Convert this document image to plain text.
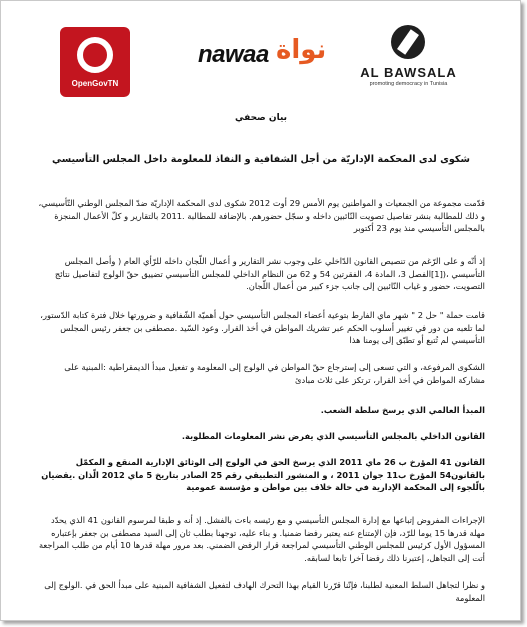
OpenGovTN
nawaa نواة
AL BAWSALA
promoting democracy in Tunisia
بيان صحفي
شكوى لدى المحكمة الإداريّة من أجل الشفافية و النفاذ للمعلومة داخل المجلس التأسيسي
قدّمت مجموعة من الجمعيات و المواطنين يوم الأمس 29 أوت 2012 شكوى لدى المحكمة الإداريّة ضدّ المجلس الوطني التّأسيسي، و ذلك للمطالبة بنشر تفاصيل تصويت النّائبين داخله و سجّل حضورهم. بالإضافة للمطالبة .2011 بالتقارير و كلّ الأعمال المنجزة بالمجلس التأسيسي منذ يوم 23 أكتوبر
إذ أنّه و على الرّغم من تنصيص القانون الدّاخلي على وجوب نشر التقارير و أعمال اللّجان داخله للرّأي العام ( وأصل المجلس التأسيسي ،([1]الفصل 3، المادة 4، الفقرتين 54 و 62 من النظام الداخلي للمجلس التأسيسي تضييق حقّ الولوج لتفاصيل نتائج التصويت، حضور و غياب النّائبين إلى جانب جزء كبير من أعمال اللّجان.
قامت حملة " حل 2 " شهر ماي الفارط بتوعية أعضاء المجلس التأسيسي حول أهميّة الشّفافية و ضرورتها خلال فترة كتابة الدّستور، لما تلعبه من دور في تغيير أسلوب الحكم عبر تشريك المواطن في أخذ القرار. وعود السّيد .مصطفى بن جعفر رئيس المجلس التأسيسي لم تُتبع أو تطبّق إلى يومنا هذا
الشكوى المرفوعة، و التي تسعى إلى إسترجاع حقّ المواطن في الولوج إلى المعلومة و تفعيل مبدأ الديمقراطية :المبنية على مشاركة المواطن في أخذ القرار، ترتكز على ثلاث مبادئ
المبدأ العالمي الذي يرسخ سلطة الشعب.
القانون الداخلي بالمجلس التأسيسي الذي يفرض نشر المعلومات المطلوبة.
القانون 41 المؤرخ ب 26 ماي 2011 الذي يرسخ الحق في الولوج إلى الوثائق الإدارية المنقع و المكمّل بالقانون54 المؤرخ ب11 جوان 2011 ، و المنشور التطبيقي رقم 25 الصادر بتاريخ 5 ماي 2012 الّذان .يقضيان بالّلجوء إلى المحكمة الإدارية في حالة خلاف بين مواطن و مؤسسة عمومية
الإجراءات المفروض إتباعها مع إدارة المجلس التأسيسي و مع رئيسه باءت بالفشل. إذ أنه و طبقا لمرسوم القانون 41 الذي يحدّد مهلة قدرها 15 يوما للرّد، فإن الإمتناع عنه يعتبر رفضا ضمنيا. و بناء عليه، توجهنا بطلب ثان إلى السيد مصطفى بن جعفر بإعتباره المسؤول الأول كرئيس للمجلس الوطني التأسيسي لمراجعة قرار الرفض الضمني. بعد مرور مهلة قدرها 10 أيام من طلب المراجعة أتت إلى التجاهل، إعتبرنا ذلك رفضا آخرا تابعا لسابقه.
و نظرا لتجاهل السلط المعنية لطلبنا، فإنّنا قرّرنا القيام بهذا التحرك الهادف لتفعيل الشفافية المبنية على مبدأ الحق في .الولوج إلى المعلومة
